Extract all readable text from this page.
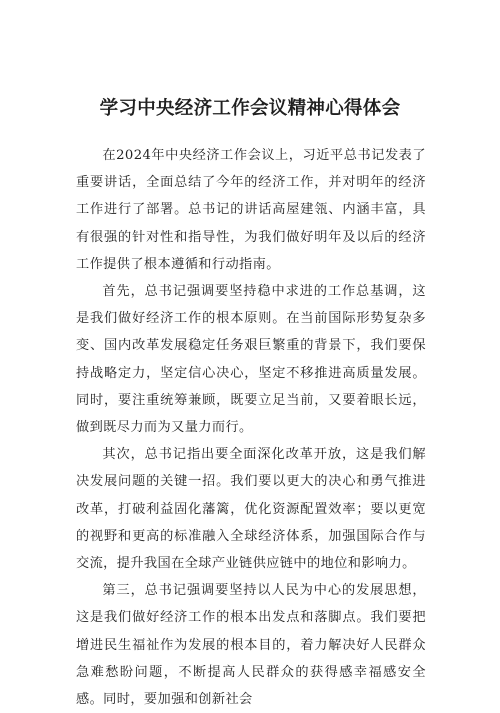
学习中央经济工作会议精神心得体会

在2024年中央经济工作会议上，习近平总书记发表了重要讲话，全面总结了今年的经济工作，并对明年的经济工作进行了部署。总书记的讲话高屋建瓴、内涵丰富，具有很强的针对性和指导性，为我们做好明年及以后的经济工作提供了根本遵循和行动指南。

首先，总书记强调要坚持稳中求进的工作总基调，这是我们做好经济工作的根本原则。在当前国际形势复杂多变、国内改革发展稳定任务艰巨繁重的背景下，我们要保持战略定力，坚定信心决心，坚定不移推进高质量发展。同时，要注重统筹兼顾，既要立足当前，又要着眼长远，做到既尽力而为又量力而行。

其次，总书记指出要全面深化改革开放，这是我们解决发展问题的关键一招。我们要以更大的决心和勇气推进改革，打破利益固化藩篱，优化资源配置效率；要以更宽的视野和更高的标准融入全球经济体系，加强国际合作与交流，提升我国在全球产业链供应链中的地位和影响力。

第三，总书记强调要坚持以人民为中心的发展思想，这是我们做好经济工作的根本出发点和落脚点。我们要把增进民生福祉作为发展的根本目的，着力解决好人民群众急难愁盼问题，不断提高人民群众的获得感幸福感安全感。同时，要加强和创新社会
